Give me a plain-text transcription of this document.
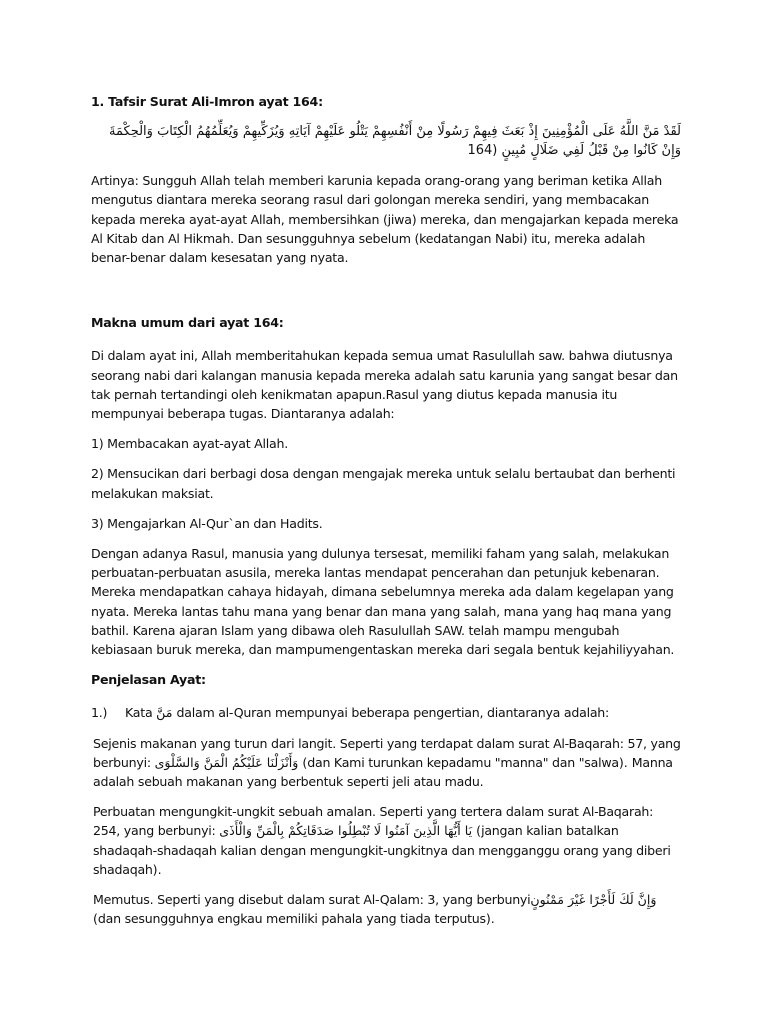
1. Tafsir Surat Ali-Imron ayat 164:

لَقَدْ مَنَّ اللَّهُ عَلَى الْمُؤْمِنِينَ إِذْ بَعَثَ فِيهِمْ رَسُولًا مِنْ أَنْفُسِهِمْ يَتْلُو عَلَيْهِمْ آيَاتِهِ وَيُزَكِّيهِمْ وَيُعَلِّمُهُمُ الْكِتَابَ وَالْحِكْمَةَ وَإِنْ كَانُوا مِنْ قَبْلُ لَفِي ضَلَالٍ مُبِينٍ (164

Artinya: Sungguh Allah telah memberi karunia kepada orang-orang yang beriman ketika Allah mengutus diantara mereka seorang rasul dari golongan mereka sendiri, yang membacakan kepada mereka ayat-ayat Allah, membersihkan (jiwa) mereka, dan mengajarkan kepada mereka Al Kitab dan Al Hikmah. Dan sesungguhnya sebelum (kedatangan Nabi) itu, mereka adalah benar-benar dalam kesesatan yang nyata.

Makna umum dari ayat 164:

Di dalam ayat ini, Allah memberitahukan kepada semua umat Rasulullah saw. bahwa diutusnya seorang nabi dari kalangan manusia kepada mereka adalah satu karunia yang sangat besar dan tak pernah tertandingi oleh kenikmatan apapun.Rasul yang diutus kepada manusia itu mempunyai beberapa tugas. Diantaranya adalah:

1) Membacakan ayat-ayat Allah.

2) Mensucikan dari berbagi dosa dengan mengajak mereka untuk selalu bertaubat dan berhenti melakukan maksiat.

3) Mengajarkan Al-Qur`an dan Hadits.

Dengan adanya Rasul, manusia yang dulunya tersesat, memiliki faham yang salah, melakukan perbuatan-perbuatan asusila, mereka lantas mendapat pencerahan dan petunjuk kebenaran. Mereka mendapatkan cahaya hidayah, dimana sebelumnya mereka ada dalam kegelapan yang nyata. Mereka lantas tahu mana yang benar dan mana yang salah, mana yang haq mana yang bathil. Karena ajaran Islam yang dibawa oleh Rasulullah SAW. telah mampu mengubah kebiasaan buruk mereka, dan mampumengentaskan mereka dari segala bentuk kejahiliyyahan.

Penjelasan Ayat:

1.) Kata مَنَّ dalam al-Quran mempunyai beberapa pengertian, diantaranya adalah:

Sejenis makanan yang turun dari langit. Seperti yang terdapat dalam surat Al-Baqarah: 57, yang berbunyi: وَأَنْزَلْنَا عَلَيْكُمُ الْمَنَّ وَالسَّلْوَى (dan Kami turunkan kepadamu "manna" dan "salwa). Manna adalah sebuah makanan yang berbentuk seperti jeli atau madu.

Perbuatan mengungkit-ungkit sebuah amalan. Seperti yang tertera dalam surat Al-Baqarah: 254, yang berbunyi: يَا أَيُّهَا الَّذِينَ آمَنُوا لَا تُبْطِلُوا صَدَقَاتِكُمْ بِالْمَنِّ وَالْأَذَى (jangan kalian batalkan shadaqah-shadaqah kalian dengan mengungkit-ungkitnya dan mengganggu orang yang diberi shadaqah).

Memutus. Seperti yang disebut dalam surat Al-Qalam: 3, yang berbunyiوَإِنَّ لَكَ لَأَجْرًا غَيْرَ مَمْنُونٍ (dan sesungguhnya engkau memiliki pahala yang tiada terputus).
